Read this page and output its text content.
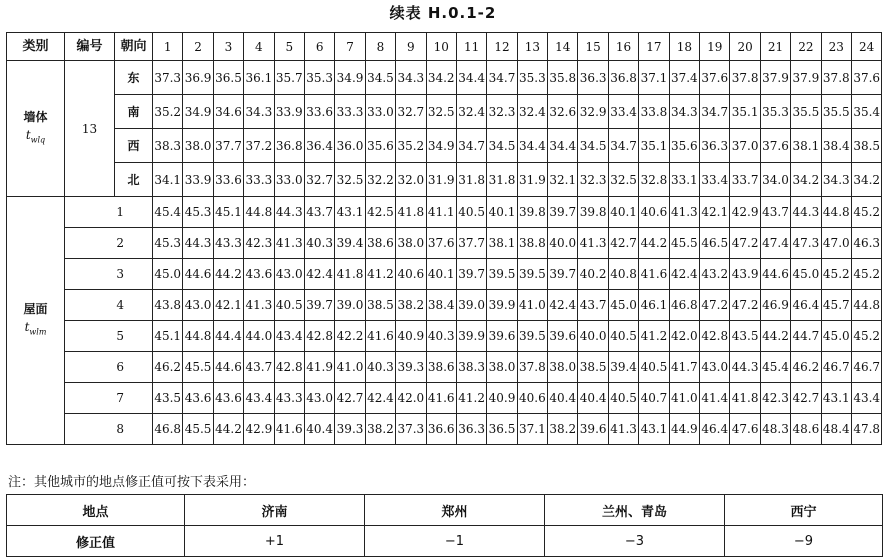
续表 H.0.1-2
类别	编号	朝向	1	2	3	4	5	6	7	8	9	10	11	12	13	14	15	16	17	18	19	20	21	22	23	24
墙体
$t_{wlq}$	13	东	37.3	36.9	36.5	36.1	35.7	35.3	34.9	34.5	34.3	34.2	34.4	34.7	35.3	35.8	36.3	36.8	37.1	37.4	37.6	37.8	37.9	37.9	37.8	37.6
		南	35.2	34.9	34.6	34.3	33.9	33.6	33.3	33.0	32.7	32.5	32.4	32.3	32.4	32.6	32.9	33.4	33.8	34.3	34.7	35.1	35.3	35.5	35.5	35.4
		西	38.3	38.0	37.7	37.2	36.8	36.4	36.0	35.6	35.2	34.9	34.7	34.5	34.4	34.4	34.5	34.7	35.1	35.6	36.3	37.0	37.6	38.1	38.4	38.5
		北	34.1	33.9	33.6	33.3	33.0	32.7	32.5	32.2	32.0	31.9	31.8	31.8	31.9	32.1	32.3	32.5	32.8	33.1	33.4	33.7	34.0	34.2	34.3	34.2
屋面
$t_{wlm}$	1		45.4	45.3	45.1	44.8	44.3	43.7	43.1	42.5	41.8	41.1	40.5	40.1	39.8	39.7	39.8	40.1	40.6	41.3	42.1	42.9	43.7	44.3	44.8	45.2
	2		45.3	44.3	43.3	42.3	41.3	40.3	39.4	38.6	38.0	37.6	37.7	38.1	38.8	40.0	41.3	42.7	44.2	45.5	46.5	47.2	47.4	47.3	47.0	46.3
	3		45.0	44.6	44.2	43.6	43.0	42.4	41.8	41.2	40.6	40.1	39.7	39.5	39.5	39.7	40.2	40.8	41.6	42.4	43.2	43.9	44.6	45.0	45.2	45.2
	4		43.8	43.0	42.1	41.3	40.5	39.7	39.0	38.5	38.2	38.4	39.0	39.9	41.0	42.4	43.7	45.0	46.1	46.8	47.2	47.2	46.9	46.4	45.7	44.8
	5		45.1	44.8	44.4	44.0	43.4	42.8	42.2	41.6	40.9	40.3	39.9	39.6	39.5	39.6	40.0	40.5	41.2	42.0	42.8	43.5	44.2	44.7	45.0	45.2
	6		46.2	45.5	44.6	43.7	42.8	41.9	41.0	40.3	39.3	38.6	38.3	38.0	37.8	38.0	38.5	39.4	40.5	41.7	43.0	44.3	45.4	46.2	46.7	46.7
	7		43.5	43.6	43.6	43.4	43.3	43.0	42.7	42.4	42.0	41.6	41.2	40.9	40.6	40.4	40.4	40.5	40.7	41.0	41.4	41.8	42.3	42.7	43.1	43.4
	8		46.8	45.5	44.2	42.9	41.6	40.4	39.3	38.2	37.3	36.6	36.3	36.5	37.1	38.2	39.6	41.3	43.1	44.9	46.4	47.6	48.3	48.6	48.4	47.8
注：其他城市的地点修正值可按下表采用：
地点	济南	郑州	兰州、青岛	西宁
修正值	+1	−1	−3	−9
